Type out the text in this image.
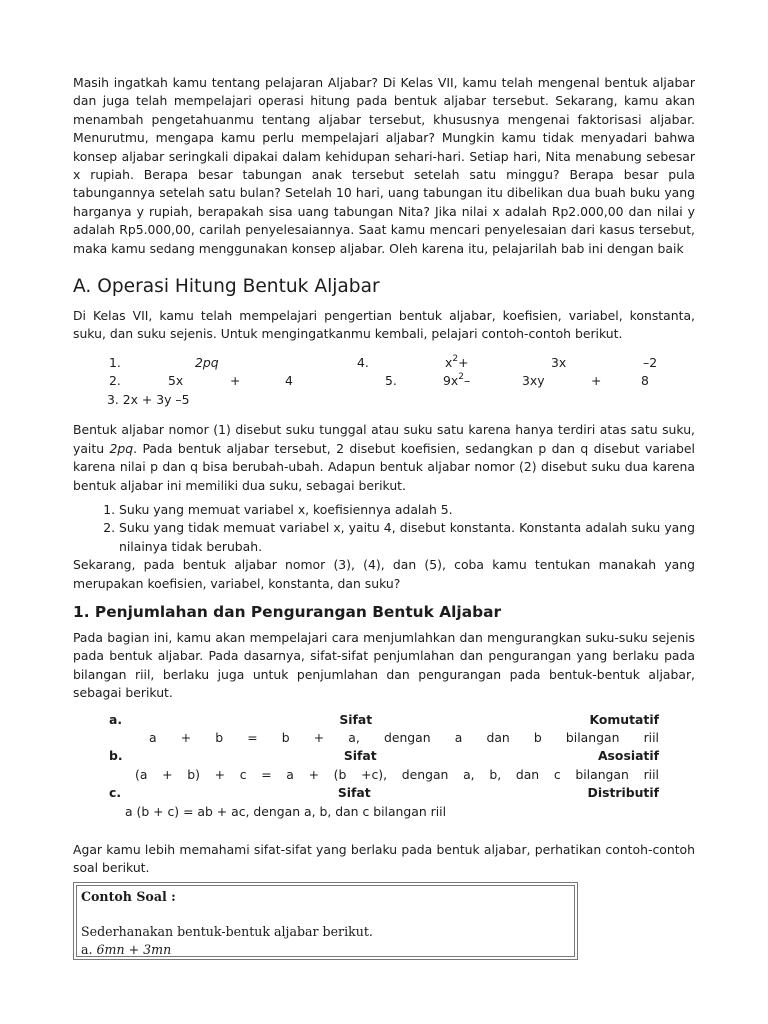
Masih ingatkah kamu tentang pelajaran Aljabar? Di Kelas VII, kamu telah mengenal bentuk aljabar dan juga telah mempelajari operasi hitung pada bentuk aljabar tersebut. Sekarang, kamu akan menambah pengetahuanmu tentang aljabar tersebut, khususnya mengenai faktorisasi aljabar. Menurutmu, mengapa kamu perlu mempelajari aljabar? Mungkin kamu tidak menyadari bahwa konsep aljabar seringkali dipakai dalam kehidupan sehari-hari. Setiap hari, Nita menabung sebesar x rupiah. Berapa besar tabungan anak tersebut setelah satu minggu? Berapa besar pula tabungannya setelah satu bulan? Setelah 10 hari, uang tabungan itu dibelikan dua buah buku yang harganya y rupiah, berapakah sisa uang tabungan Nita? Jika nilai x adalah Rp2.000,00 dan nilai y adalah Rp5.000,00, carilah penyelesaiannya. Saat kamu mencari penyelesaian dari kasus tersebut, maka kamu sedang menggunakan konsep aljabar. Oleh karena itu, pelajarilah bab ini dengan baik

A. Operasi Hitung Bentuk Aljabar

Di Kelas VII, kamu telah mempelajari pengertian bentuk aljabar, koefisien, variabel, konstanta, suku, dan suku sejenis. Untuk mengingatkanmu kembali, pelajari contoh-contoh berikut.

1.	2pq	4.	$x^2+$	3x	–2
2.	5x	+	4	5.	$9x^2-$	3xy	+	8
3. 2x + 3y –5

Bentuk aljabar nomor (1) disebut suku tunggal atau suku satu karena hanya terdiri atas satu suku, yaitu 2pq. Pada bentuk aljabar tersebut, 2 disebut koefisien, sedangkan p dan q disebut variabel karena nilai p dan q bisa berubah-ubah. Adapun bentuk aljabar nomor (2) disebut suku dua karena bentuk aljabar ini memiliki dua suku, sebagai berikut.

1. Suku yang memuat variabel x, koefisiennya adalah 5.
2. Suku yang tidak memuat variabel x, yaitu 4, disebut konstanta. Konstanta adalah suku yang nilainya tidak berubah.

Sekarang, pada bentuk aljabar nomor (3), (4), dan (5), coba kamu tentukan manakah yang merupakan koefisien, variabel, konstanta, dan suku?

1. Penjumlahan dan Pengurangan Bentuk Aljabar

Pada bagian ini, kamu akan mempelajari cara menjumlahkan dan mengurangkan suku-suku sejenis pada bentuk aljabar. Pada dasarnya, sifat-sifat penjumlahan dan pengurangan yang berlaku pada bilangan riil, berlaku juga untuk penjumlahan dan pengurangan pada bentuk-bentuk aljabar, sebagai berikut.

a.	Sifat	Komutatif
a + b = b + a, dengan a dan b bilangan riil
b.	Sifat	Asosiatif
(a + b) + c = a + (b +c), dengan a, b, dan c bilangan riil
c.	Sifat	Distributif
a (b + c) = ab + ac, dengan a, b, dan c bilangan riil

Agar kamu lebih memahami sifat-sifat yang berlaku pada bentuk aljabar, perhatikan contoh-contoh soal berikut.

Contoh Soal :
Sederhanakan bentuk-bentuk aljabar berikut.
a. 6mn + 3mn
